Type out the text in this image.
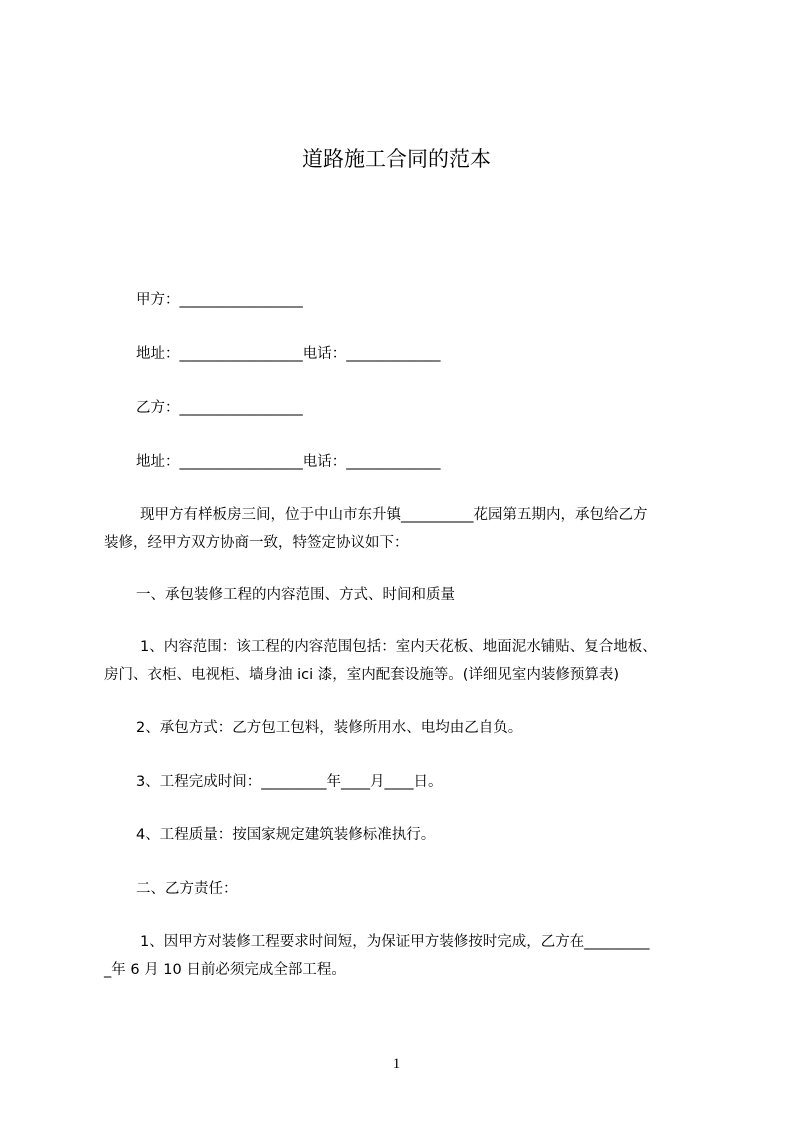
道路施工合同的范本
甲方：_________________
地址：_________________电话：_____________
乙方：_________________
地址：_________________电话：_____________
现甲方有样板房三间，位于中山市东升镇__________花园第五期内，承包给乙方
装修，经甲方双方协商一致，特签定协议如下：
一、承包装修工程的内容范围、方式、时间和质量
1、内容范围：该工程的内容范围包括：室内天花板、地面泥水铺贴、复合地板、
房门、衣柜、电视柜、墙身油 ici 漆，室内配套设施等。(详细见室内装修预算表)
2、承包方式：乙方包工包料，装修所用水、电均由乙自负。
3、工程完成时间：_________年____月____日。
4、工程质量：按国家规定建筑装修标准执行。
二、乙方责任：
1、因甲方对装修工程要求时间短，为保证甲方装修按时完成，乙方在_________
_年 6 月 10 日前必须完成全部工程。
1
